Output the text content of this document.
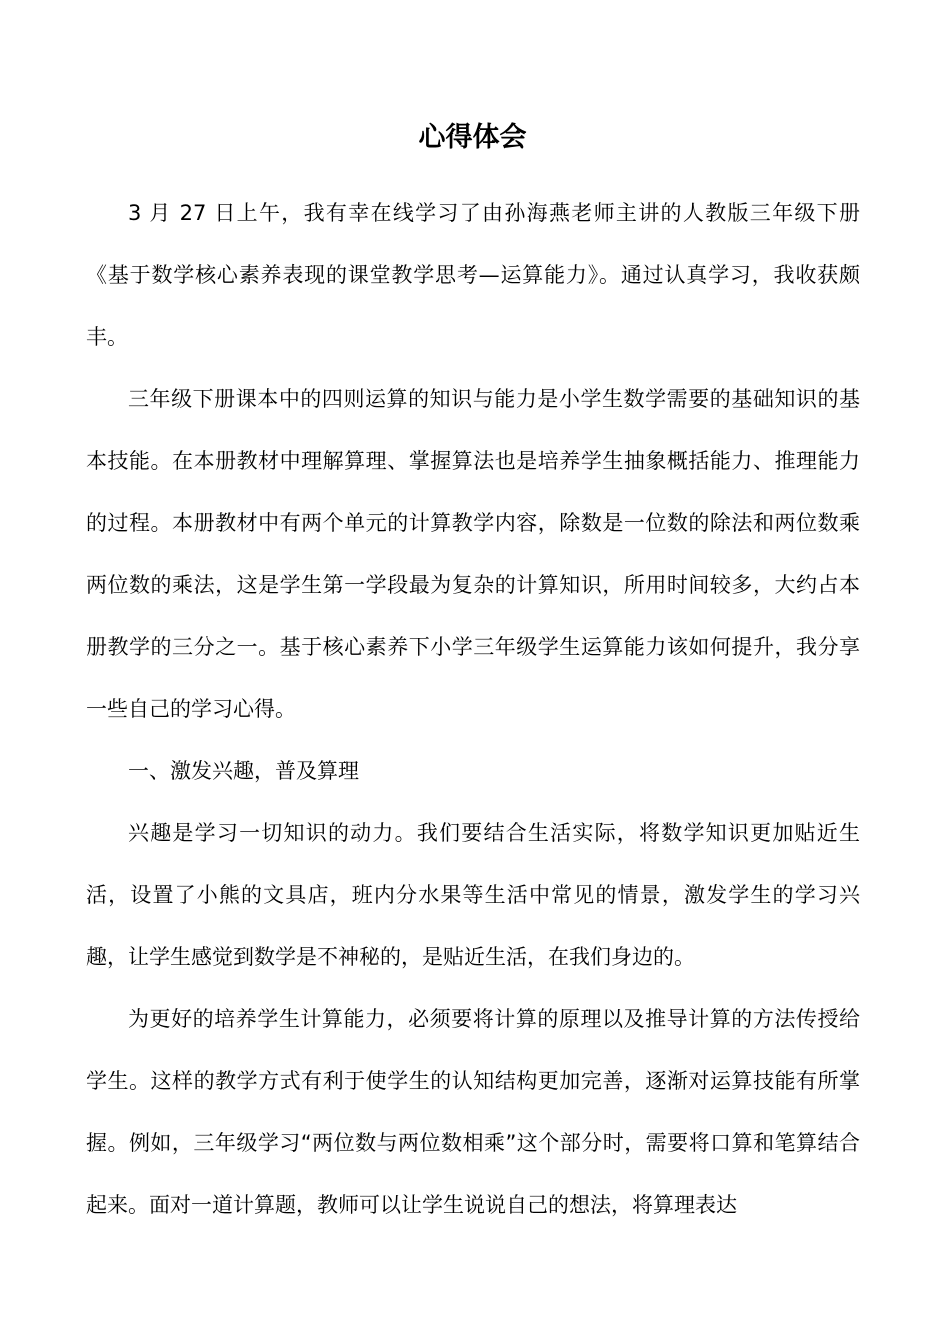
心得体会

3 月 27 日上午，我有幸在线学习了由孙海燕老师主讲的人教版三年级下册《基于数学核心素养表现的课堂教学思考—运算能力》。通过认真学习，我收获颇丰。

三年级下册课本中的四则运算的知识与能力是小学生数学需要的基础知识的基本技能。在本册教材中理解算理、掌握算法也是培养学生抽象概括能力、推理能力的过程。本册教材中有两个单元的计算教学内容，除数是一位数的除法和两位数乘两位数的乘法，这是学生第一学段最为复杂的计算知识，所用时间较多，大约占本册教学的三分之一。基于核心素养下小学三年级学生运算能力该如何提升，我分享一些自己的学习心得。

一、激发兴趣，普及算理

兴趣是学习一切知识的动力。我们要结合生活实际，将数学知识更加贴近生活，设置了小熊的文具店，班内分水果等生活中常见的情景，激发学生的学习兴趣，让学生感觉到数学是不神秘的，是贴近生活，在我们身边的。

为更好的培养学生计算能力，必须要将计算的原理以及推导计算的方法传授给学生。这样的教学方式有利于使学生的认知结构更加完善，逐渐对运算技能有所掌握。例如，三年级学习“两位数与两位数相乘”这个部分时，需要将口算和笔算结合起来。面对一道计算题，教师可以让学生说说自己的想法，将算理表达
